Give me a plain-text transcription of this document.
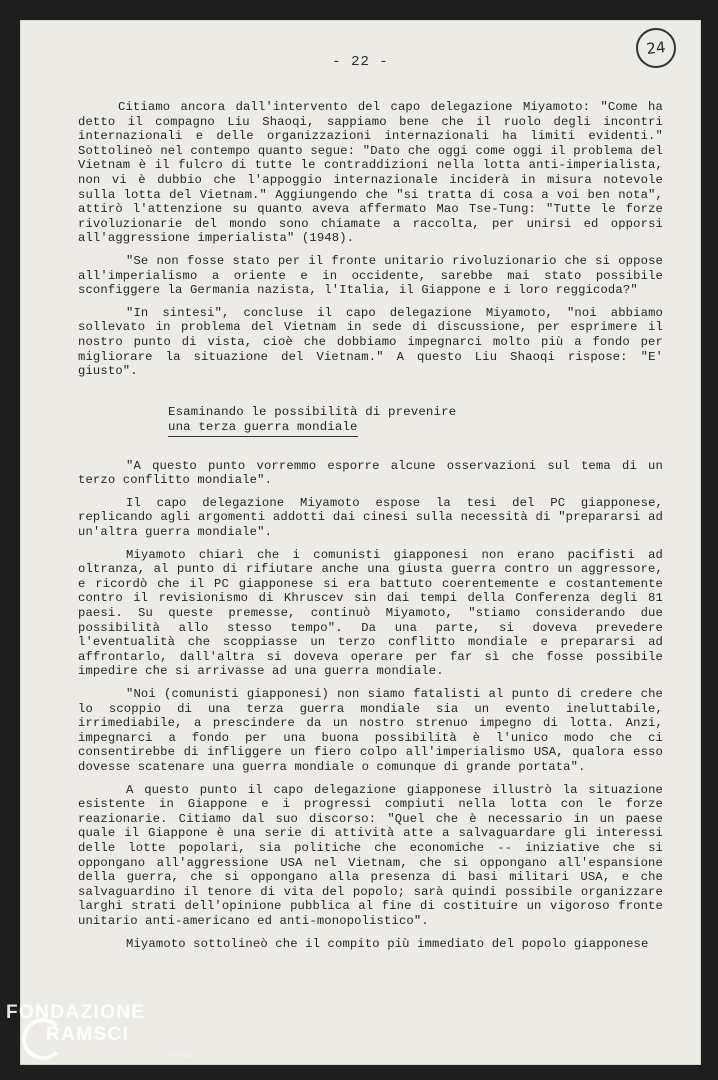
- 22 -
24

Citiamo ancora dall'intervento del capo delegazione Miyamoto: "Come ha detto il compagno Liu Shaoqi, sappiamo bene che il ruolo degli incontri internazionali e delle organizzazioni internazionali ha limiti evidenti." Sottolineò nel contempo quanto segue: "Dato che oggi come oggi il problema del Vietnam è il fulcro di tutte le contraddizioni nella lotta anti-imperialista, non vi è dubbio che l'appoggio internazionale inciderà in misura notevole sulla lotta del Vietnam." Aggiungendo che "si tratta di cosa a voi ben nota", attirò l'attenzione su quanto aveva affermato Mao Tse-Tung: "Tutte le forze rivoluzionarie del mondo sono chiamate a raccolta, per unirsi ed opporsi all'aggressione imperialista" (1948).

"Se non fosse stato per il fronte unitario rivoluzionario che si oppose all'imperialismo a oriente e in occidente, sarebbe mai stato possibile sconfiggere la Germania nazista, l'Italia, il Giappone e i loro reggicoda?"

"In sintesi", concluse il capo delegazione Miyamoto, "noi abbiamo sollevato in problema del Vietnam in sede di discussione, per esprimere il nostro punto di vista, cioè che dobbiamo impegnarci molto più a fondo per migliorare la situazione del Vietnam." A questo Liu Shaoqi rispose: "E' giusto".

Esaminando le possibilità di prevenire
una terza guerra mondiale

"A questo punto vorremmo esporre alcune osservazioni sul tema di un terzo conflitto mondiale".

Il capo delegazione Miyamoto espose la tesi del PC giapponese, replicando agli argomenti addotti dai cinesi sulla necessità di "prepararsi ad un'altra guerra mondiale".

Miyamoto chiarì che i comunisti giapponesi non erano pacifisti ad oltranza, al punto di rifiutare anche una giusta guerra contro un aggressore, e ricordò che il PC giapponese si era battuto coerentemente e costantemente contro il revisionismo di Khruscev sin dai tempi della Conferenza degli 81 paesi. Su queste premesse, continuò Miyamoto, "stiamo considerando due possibilità allo stesso tempo". Da una parte, si doveva prevedere l'eventualità che scoppiasse un terzo conflitto mondiale e prepararsi ad affrontarlo, dall'altra si doveva operare per far sì che fosse possibile impedire che si arrivasse ad una guerra mondiale.

"Noi (comunisti giapponesi) non siamo fatalisti al punto di credere che lo scoppio di una terza guerra mondiale sia un evento ineluttabile, irrimediabile, a prescindere da un nostro strenuo impegno di lotta. Anzi, impegnarci a fondo per una buona possibilità è l'unico modo che ci consentirebbe di infliggere un fiero colpo all'imperialismo USA, qualora esso dovesse scatenare una guerra mondiale o comunque di grande portata".

A questo punto il capo delegazione giapponese illustrò la situazione esistente in Giappone e i progressi compiuti nella lotta con le forze reazionarie. Citiamo dal suo discorso: "Quel che è necessario in un paese quale il Giappone è una serie di attività atte a salvaguardare gli interessi delle lotte popolari, sia politiche che economiche -- iniziative che si oppongano all'aggressione USA nel Vietnam, che si oppongano all'espansione della guerra, che si oppongano alla presenza di basi militari USA, e che salvaguardino il tenore di vita del popolo; sarà quindi possibile organizzare larghi strati dell'opinione pubblica al fine di costituire un vigoroso fronte unitario anti-americano ed anti-monopolistico".

Miyamoto sottolineò che il compito più immediato del popolo giapponese

FONDAZIONE
RAMSCI
onlus
